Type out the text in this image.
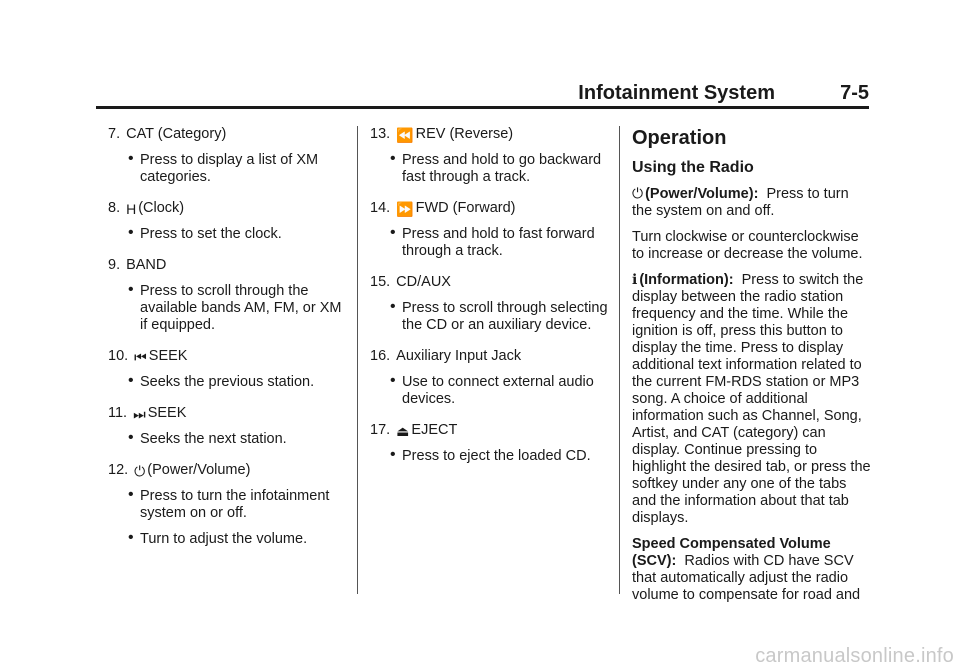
Infotainment System	7-5
7. CAT (Category)
• Press to display a list of XM categories.
8. H (Clock)
• Press to set the clock.
9. BAND
• Press to scroll through the available bands AM, FM, or XM if equipped.
10. ⏮ SEEK
• Seeks the previous station.
11. ⏭ SEEK
• Seeks the next station.
12. ⏻ (Power/Volume)
• Press to turn the infotainment system on or off.
• Turn to adjust the volume.
13. ⏪ REV (Reverse)
• Press and hold to go backward fast through a track.
14. ⏩ FWD (Forward)
• Press and hold to fast forward through a track.
15. CD/AUX
• Press to scroll through selecting the CD or an auxiliary device.
16. Auxiliary Input Jack
• Use to connect external audio devices.
17. ⏏ EJECT
• Press to eject the loaded CD.
Operation
Using the Radio

⏻ (Power/Volume): Press to turn the system on and off.

Turn clockwise or counterclockwise to increase or decrease the volume.

ℹ (Information): Press to switch the display between the radio station frequency and the time. While the ignition is off, press this button to display the time. Press to display additional text information related to the current FM-RDS station or MP3 song. A choice of additional information such as Channel, Song, Artist, and CAT (category) can display. Continue pressing to highlight the desired tab, or press the softkey under any one of the tabs and the information about that tab displays.

Speed Compensated Volume (SCV): Radios with CD have SCV that automatically adjust the radio volume to compensate for road and

carmanualsonline.info
